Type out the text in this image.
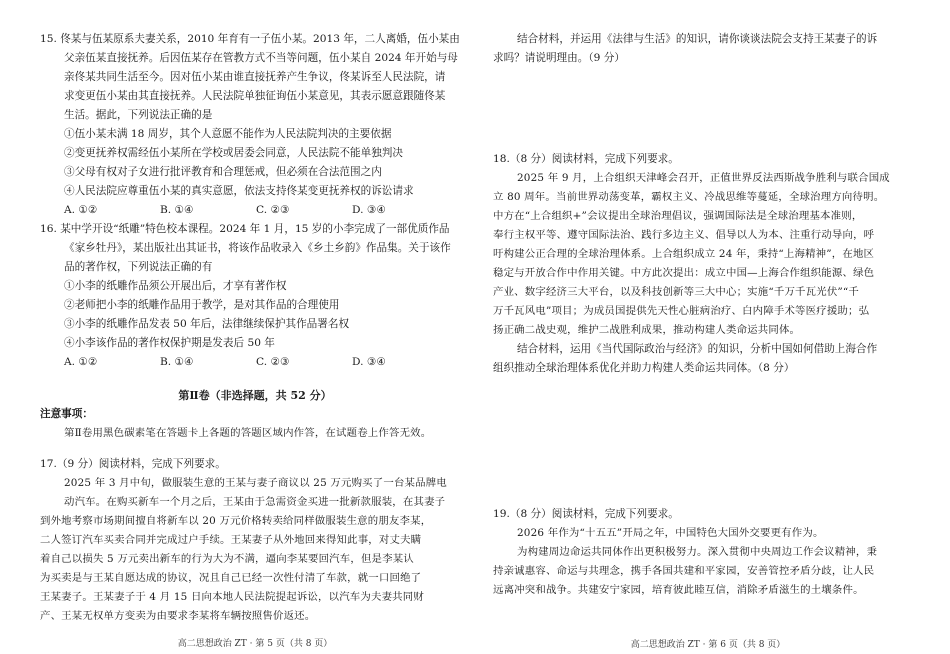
15. 佟某与伍某原系夫妻关系，2010 年育有一子伍小某。2013 年，二人离婚，伍小某由
父亲伍某直接抚养。后因伍某存在管教方式不当等问题，伍小某自 2024 年开始与母
亲佟某共同生活至今。因对伍小某由谁直接抚养产生争议，佟某诉至人民法院，请
求变更伍小某由其直接抚养。人民法院单独征询伍小某意见，其表示愿意跟随佟某
生活。据此，下列说法正确的是
①伍小某未满 18 周岁，其个人意愿不能作为人民法院判决的主要依据
②变更抚养权需经伍小某所在学校或居委会同意，人民法院不能单独判决
③父母有权对子女进行批评教育和合理惩戒，但必须在合法范围之内
④人民法院应尊重伍小某的真实意愿，依法支持佟某变更抚养权的诉讼请求
16. 某中学开设“纸雕”特色校本课程。2024 年 1 月，15 岁的小李完成了一部优质作品
《家乡牡丹》，某出版社出其证书，将该作品收录入《乡土乡韵》作品集。关于该作
品的著作权，下列说法正确的有
①小李的纸雕作品须公开展出后，才享有著作权
②老师把小李的纸雕作品用于教学，是对其作品的合理使用
③小李的纸雕作品发表 50 年后，法律继续保护其作品署名权
④小李该作品的著作权保护期是发表后 50 年
A. ①②	B. ①④	C. ②③	D. ③④
结合材料，并运用《法律与生活》的知识，请你谈谈法院会支持王某妻子的诉
求吗？请说明理由。（9 分）
18.（8 分）阅读材料，完成下列要求。
2025 年 9 月，上合组织天津峰会召开，正值世界反法西斯战争胜利与联合国成
立 80 周年。当前世界动荡变革，霸权主义、冷战思维等蔓延，全球治理方向待明。
中方在“上合组织+”会议提出全球治理倡议，强调国际法是全球治理基本准则，
奉行主权平等、遵守国际法治、践行多边主义、倡导以人为本、注重行动导向，呼
吁构建公正合理的全球治理体系。上合组织成立 24 年，秉持“上海精神”，在地区
稳定与开放合作中作用关键。中方此次提出：成立中国—上海合作组织能源、绿色
产业、数字经济三大平台，以及科技创新等三大中心；实施“千万千瓦光伏”“千
万千瓦风电”项目；为成员国提供先天性心脏病治疗、白内障手术等医疗援助；弘
扬正确二战史观，维护二战胜利成果，推动构建人类命运共同体。
结合材料，运用《当代国际政治与经济》的知识，分析中国如何借助上海合作
组织推动全球治理体系优化并助力构建人类命运共同体。（8 分）
19.（8 分）阅读材料，完成下列要求。
2026 年作为“十五五”开局之年，中国特色大国外交要更有作为。
为构建周边命运共同体作出更积极努力。深入贯彻中央周边工作会议精神，秉
持亲诚惠容、命运与共理念，携手各国共建和平家园，安善管控矛盾分歧，让人民
远离冲突和战争。共建安宁家园，培育彼此睦互信，消除矛盾滋生的土壤条件。
高二思想政治 ZT · 第 6 页（共 8 页）
第Ⅱ卷（非选择题，共 52 分）
注意事项：
第Ⅱ卷用黑色碳素笔在答题卡上各题的答题区域内作答，在试题卷上作答无效。
17.（9 分）阅读材料，完成下列要求。
2025 年 3 月中旬，做服装生意的王某与妻子商议以 25 万元购买了一台某品牌电
动汽车。在购买新车一个月之后，王某由于急需资金买进一批新款服装，在其妻子
到外地考察市场期间擅自将新车以 20 万元价格转卖给同样做服装生意的朋友李某，
二人签订汽车买卖合同并完成过户手续。王某妻子从外地回来得知此事，对丈夫瞒
高二思想政治 ZT · 第 5 页（共 8 页）
着自己以损失 5 万元卖出新车的行为大为不满，逼向李某要回汽车，但是李某认
为买卖是与王某自愿达成的协议，况且自己已经一次性付清了车款，就一口回绝了
王某妻子。王某妻子于 4 月 15 日向本地人民法院提起诉讼，以汽车为夫妻共同财
产、王某无权单方变卖为由要求李某将车辆按照售价返还。
A. ①②	B. ①④	C. ②③	D. ③④
